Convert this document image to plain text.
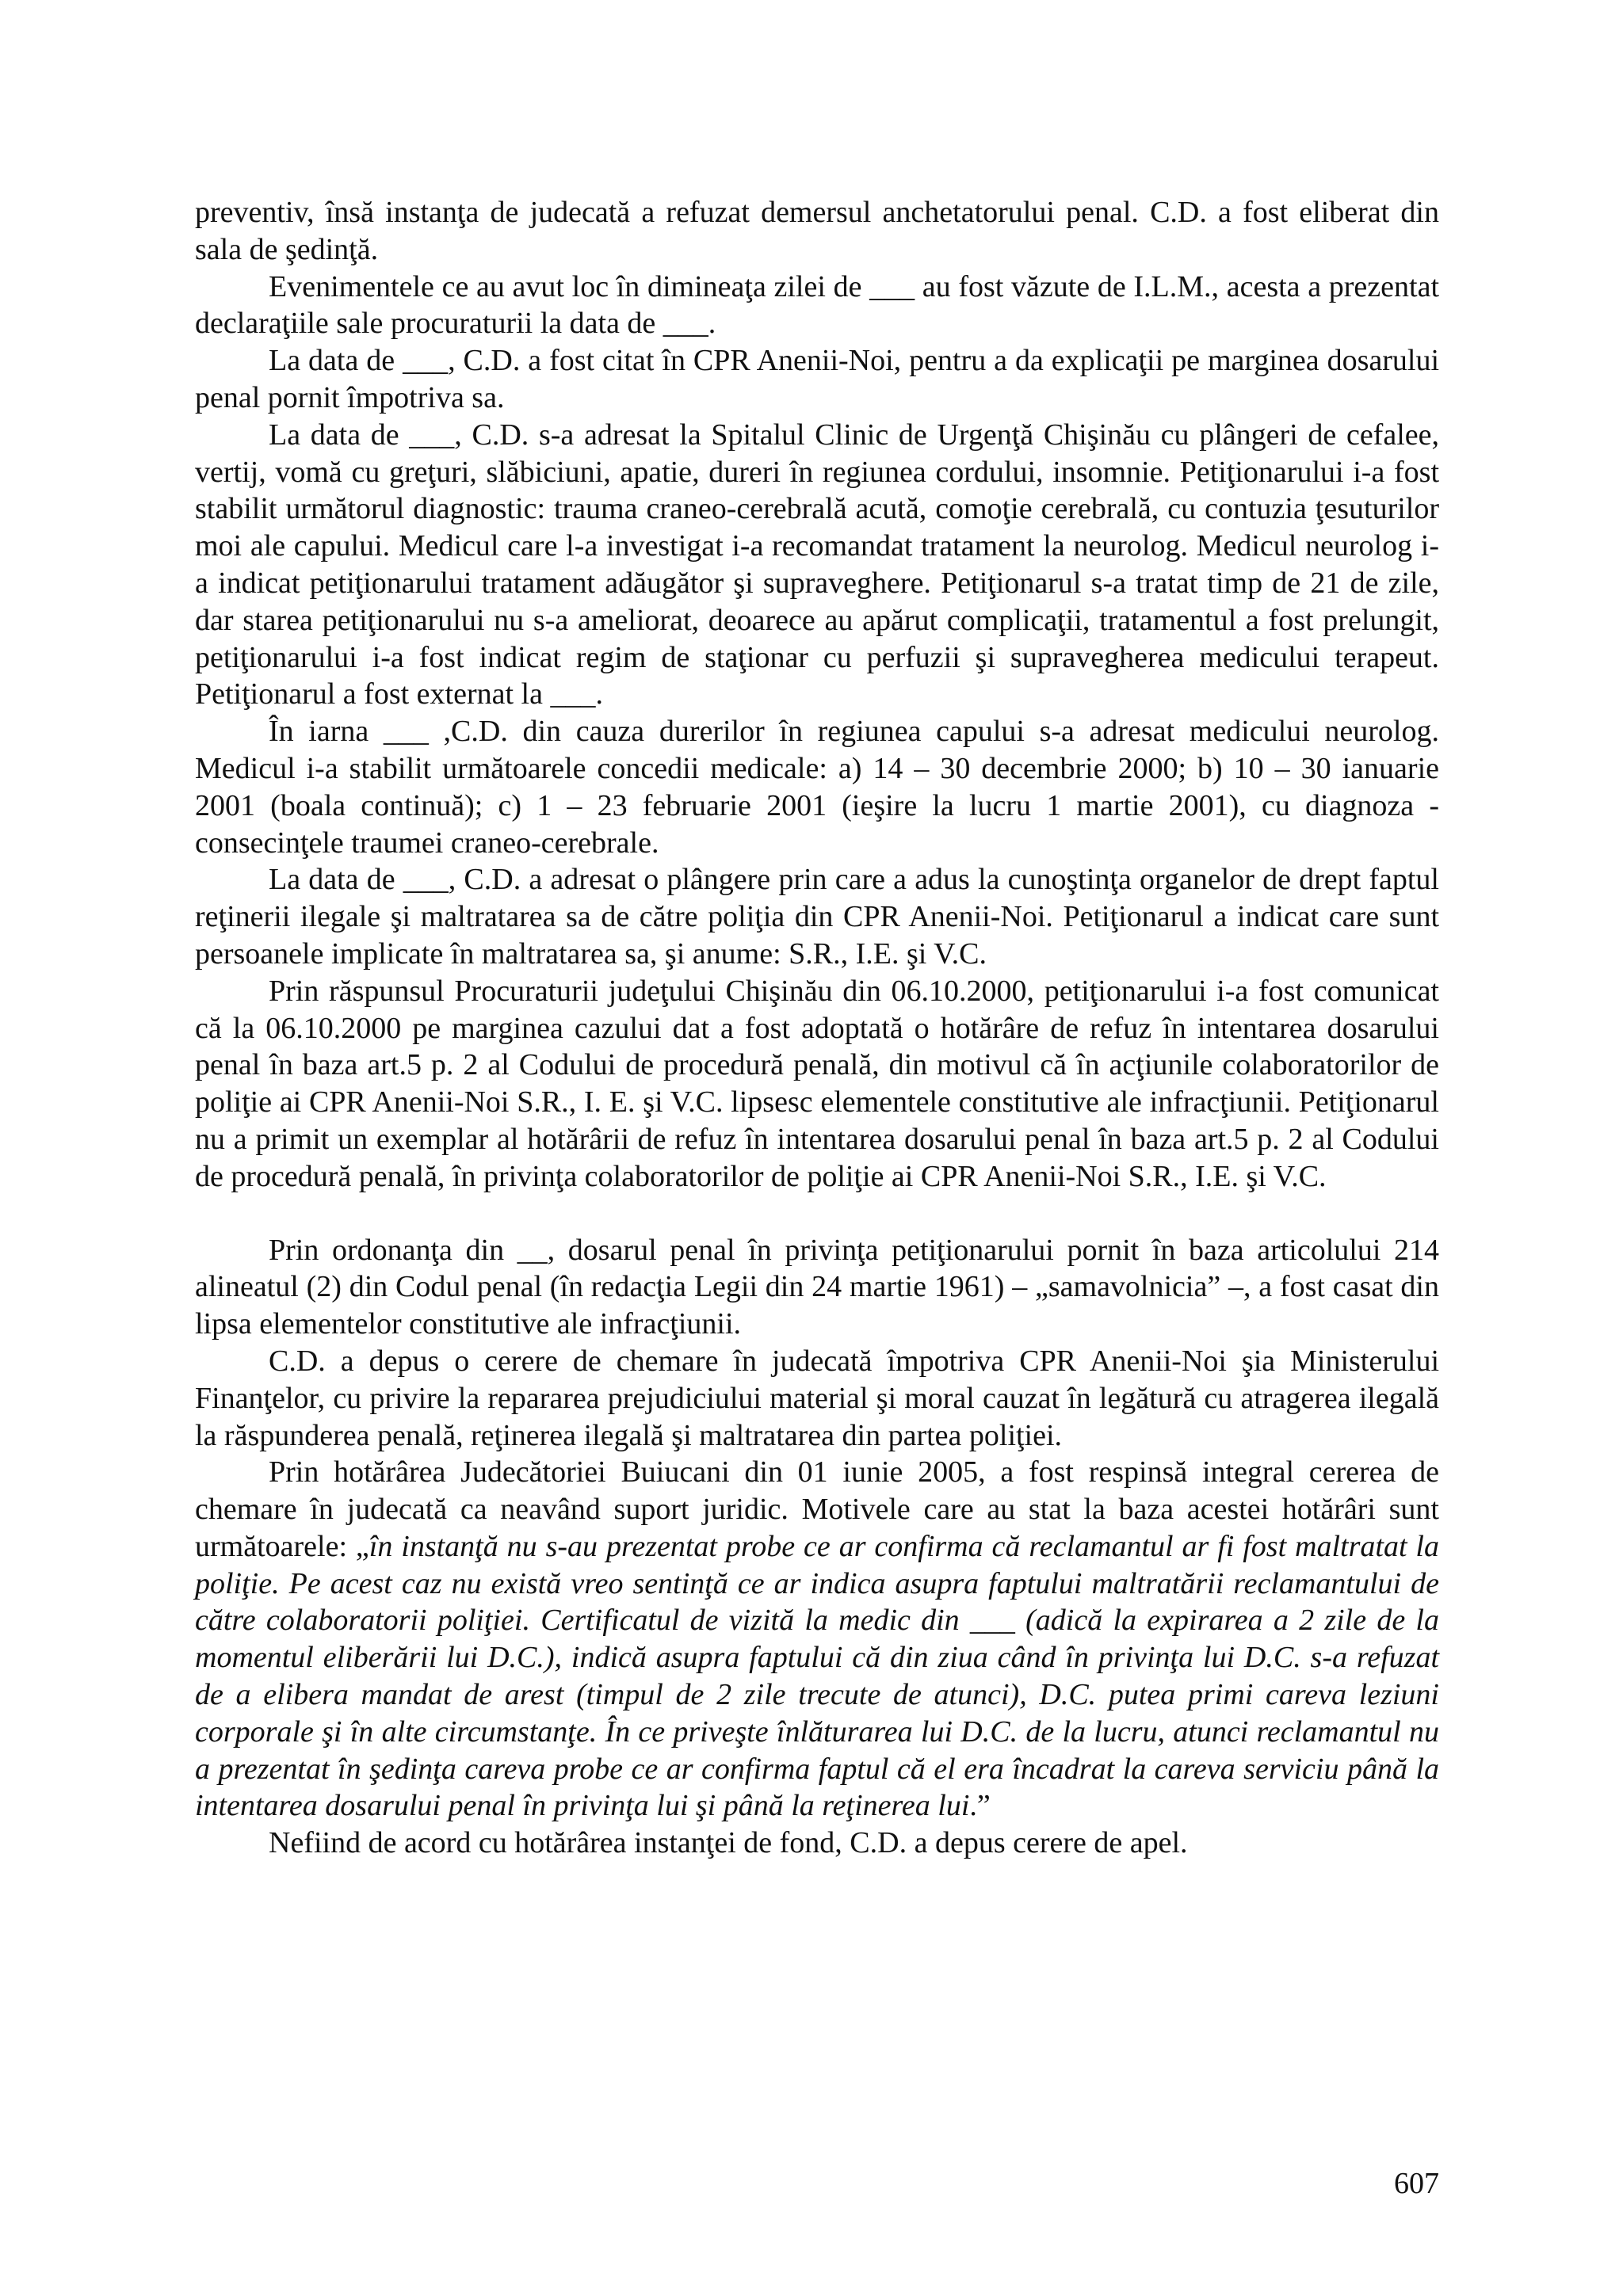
preventiv, însă instanţa de judecată a refuzat demersul anchetatorului penal. C.D. a fost eliberat din sala de şedinţă.

Evenimentele ce au avut loc în dimineaţa zilei de ___ au fost văzute de I.L.M., acesta a prezentat declaraţiile sale procuraturii la data de ___.

La data de ___, C.D. a fost citat în CPR Anenii-Noi, pentru a da explicaţii pe marginea dosarului penal pornit împotriva sa.

La data de ___, C.D. s-a adresat la Spitalul Clinic de Urgenţă Chişinău cu plângeri de cefalee, vertij, vomă cu greţuri, slăbiciuni, apatie, dureri în regiunea cordului, insomnie. Petiţionarului i-a fost stabilit următorul diagnostic: trauma craneo-cerebrală acută, comoţie cerebrală, cu contuzia ţesuturilor moi ale capului. Medicul care l-a investigat i-a recomandat tratament la neurolog. Medicul neurolog i-a indicat petiţionarului tratament adăugător şi supraveghere. Petiţionarul s-a tratat timp de 21 de zile, dar starea petiţionarului nu s-a ameliorat, deoarece au apărut complicaţii, tratamentul a fost prelungit, petiţionarului i-a fost indicat regim de staţionar cu perfuzii şi supravegherea medicului terapeut. Petiţionarul a fost externat la ___.

În iarna ___ ,C.D. din cauza durerilor în regiunea capului s-a adresat medicului neurolog. Medicul i-a stabilit următoarele concedii medicale: a) 14 – 30 decembrie 2000; b) 10 – 30 ianuarie 2001 (boala continuă); c) 1 – 23 februarie 2001 (ieşire la lucru 1 martie 2001), cu diagnoza - consecinţele traumei craneo-cerebrale.

La data de ___, C.D. a adresat o plângere prin care a adus la cunoştinţa organelor de drept faptul reţinerii ilegale şi maltratarea sa de către poliţia din CPR Anenii-Noi. Petiţionarul a indicat care sunt persoanele implicate în maltratarea sa, şi anume: S.R., I.E. şi V.C.

Prin răspunsul Procuraturii judeţului Chişinău din 06.10.2000, petiţionarului i-a fost comunicat că la 06.10.2000 pe marginea cazului dat a fost adoptată o hotărâre de refuz în intentarea dosarului penal în baza art.5 p. 2 al Codului de procedură penală, din motivul că în acţiunile colaboratorilor de poliţie ai CPR Anenii-Noi S.R., I. E. şi V.C. lipsesc elementele constitutive ale infracţiunii. Petiţionarul nu a primit un exemplar al hotărârii de refuz în intentarea dosarului penal în baza art.5 p. 2 al Codului de procedură penală, în privinţa colaboratorilor de poliţie ai CPR Anenii-Noi S.R., I.E. şi V.C.

Prin ordonanţa din __, dosarul penal în privinţa petiţionarului pornit în baza articolului 214 alineatul (2) din Codul penal (în redacţia Legii din 24 martie 1961) – „samavolnicia” –, a fost casat din lipsa elementelor constitutive ale infracţiunii.

C.D. a depus o cerere de chemare în judecată împotriva CPR Anenii-Noi şia Ministerului Finanţelor, cu privire la repararea prejudiciului material şi moral cauzat în legătură cu atragerea ilegală la răspunderea penală, reţinerea ilegală şi maltratarea din partea poliţiei.

Prin hotărârea Judecătoriei Buiucani din 01 iunie 2005, a fost respinsă integral cererea de chemare în judecată ca neavând suport juridic. Motivele care au stat la baza acestei hotărâri sunt următoarele: „în instanţă nu s-au prezentat probe ce ar confirma că reclamantul ar fi fost maltratat la poliţie. Pe acest caz nu există vreo sentinţă ce ar indica asupra faptului maltratării reclamantului de către colaboratorii poliţiei. Certificatul de vizită la medic din ___ (adică la expirarea a 2 zile de la momentul eliberării lui D.C.), indică asupra faptului că din ziua când în privinţa lui D.C. s-a refuzat de a elibera mandat de arest (timpul de 2 zile trecute de atunci), D.C. putea primi careva leziuni corporale şi în alte circumstanţe. În ce priveşte înlăturarea lui D.C. de la lucru, atunci reclamantul nu a prezentat în şedinţa careva probe ce ar confirma faptul că el era încadrat la careva serviciu până la intentarea dosarului penal în privinţa lui şi până la reţinerea lui.”

Nefiind de acord cu hotărârea instanţei de fond, C.D. a depus cerere de apel.

607
